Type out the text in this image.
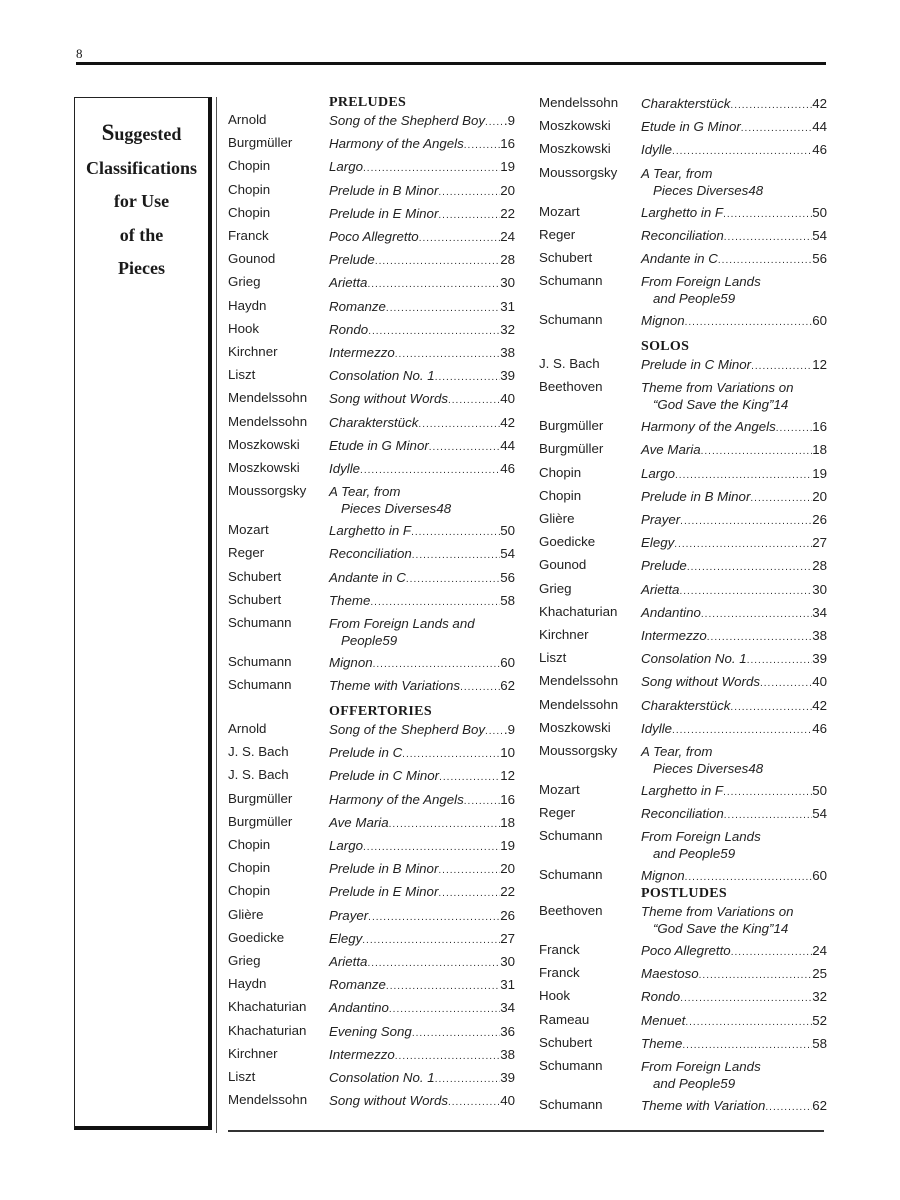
8
Suggested
Classifications
for Use
of the
Pieces
PRELUDES
Arnold	Song of the Shepherd Boy ..... .9
Burgmüller	Harmony of the Angels .....	16
Chopin	Largo .....	19
Chopin	Prelude in B Minor .....	20
Chopin	Prelude in E Minor .....	22
Franck	Poco Allegretto .....	24
Gounod	Prelude .....	28
Grieg	Arietta .....	30
Haydn	Romanze .....	31
Hook	Rondo .....	32
Kirchner	Intermezzo .....	38
Liszt	Consolation No. 1 .....	39
Mendelssohn Song without Words .....	40
Mendelssohn Charakterstück .....	42
Moszkowski Etude in G Minor .....	44
Moszkowski Idylle .....	46
Moussorgsky A Tear, from
Pieces Diverses 48
Mozart	Larghetto in F .....	50
Reger	Reconciliation .....	54
Schubert	Andante in C .....	56
Schubert	Theme .....	58
Schumann	From Foreign Lands and
People 59
Schumann	Mignon .....	60
Schumann	Theme with Variations .....	62
OFFERTORIES
Arnold	Song of the Shepherd Boy ..... .9
J. S. Bach	Prelude in C .....	10
J. S. Bach	Prelude in C Minor .....	12
Burgmüller	Harmony of the Angels .....	16
Burgmüller	Ave Maria .....	18
Chopin	Largo .....	19
Chopin	Prelude in B Minor .....	20
Chopin	Prelude in E Minor .....	22
Glière	Prayer .....	26
Goedicke	Elegy .....	27
Grieg	Arietta .....	30
Haydn	Romanze .....	31
Khachaturian Andantino .....	34
Khachaturian Evening Song .....	36
Kirchner	Intermezzo .....	38
Liszt	Consolation No. 1 .....	39
Mendelssohn Song without Words .....	40
Mendelssohn Charakterstück .....	42
Moszkowski Etude in G Minor .....	44
Moszkowski Idylle .....	46
Moussorgsky A Tear, from
Pieces Diverses 48
Mozart	Larghetto in F .....	50
Reger	Reconciliation .....	54
Schubert	Andante in C .....	56
Schumann	From Foreign Lands
and People 59
Schumann	Mignon .....	60
SOLOS
J. S. Bach	Prelude in C Minor .....	12
Beethoven	Theme from Variations on
“God Save the King” 14
Burgmüller	Harmony of the Angels .....	16
Burgmüller	Ave Maria .....	18
Chopin	Largo .....	19
Chopin	Prelude in B Minor .....	20
Glière	Prayer .....	26
Goedicke	Elegy .....	27
Gounod	Prelude .....	28
Grieg	Arietta .....	30
Khachaturian Andantino .....	34
Kirchner	Intermezzo .....	38
Liszt	Consolation No. 1 .....	39
Mendelssohn Song without Words .....	40
Mendelssohn Charakterstück .....	42
Moszkowski Idylle .....	46
Moussorgsky A Tear, from
Pieces Diverses 48
Mozart	Larghetto in F .....	50
Reger	Reconciliation .....	54
Schumann	From Foreign Lands
and People 59
Schumann	Mignon .....	60
POSTLUDES
Beethoven	Theme from Variations on
“God Save the King” 14
Franck	Poco Allegretto .....	24
Franck	Maestoso .....	25
Hook	Rondo .....	32
Rameau	Menuet .....	52
Schubert	Theme .....	58
Schumann	From Foreign Lands
and People 59
Schumann	Theme with Variation .....	62
